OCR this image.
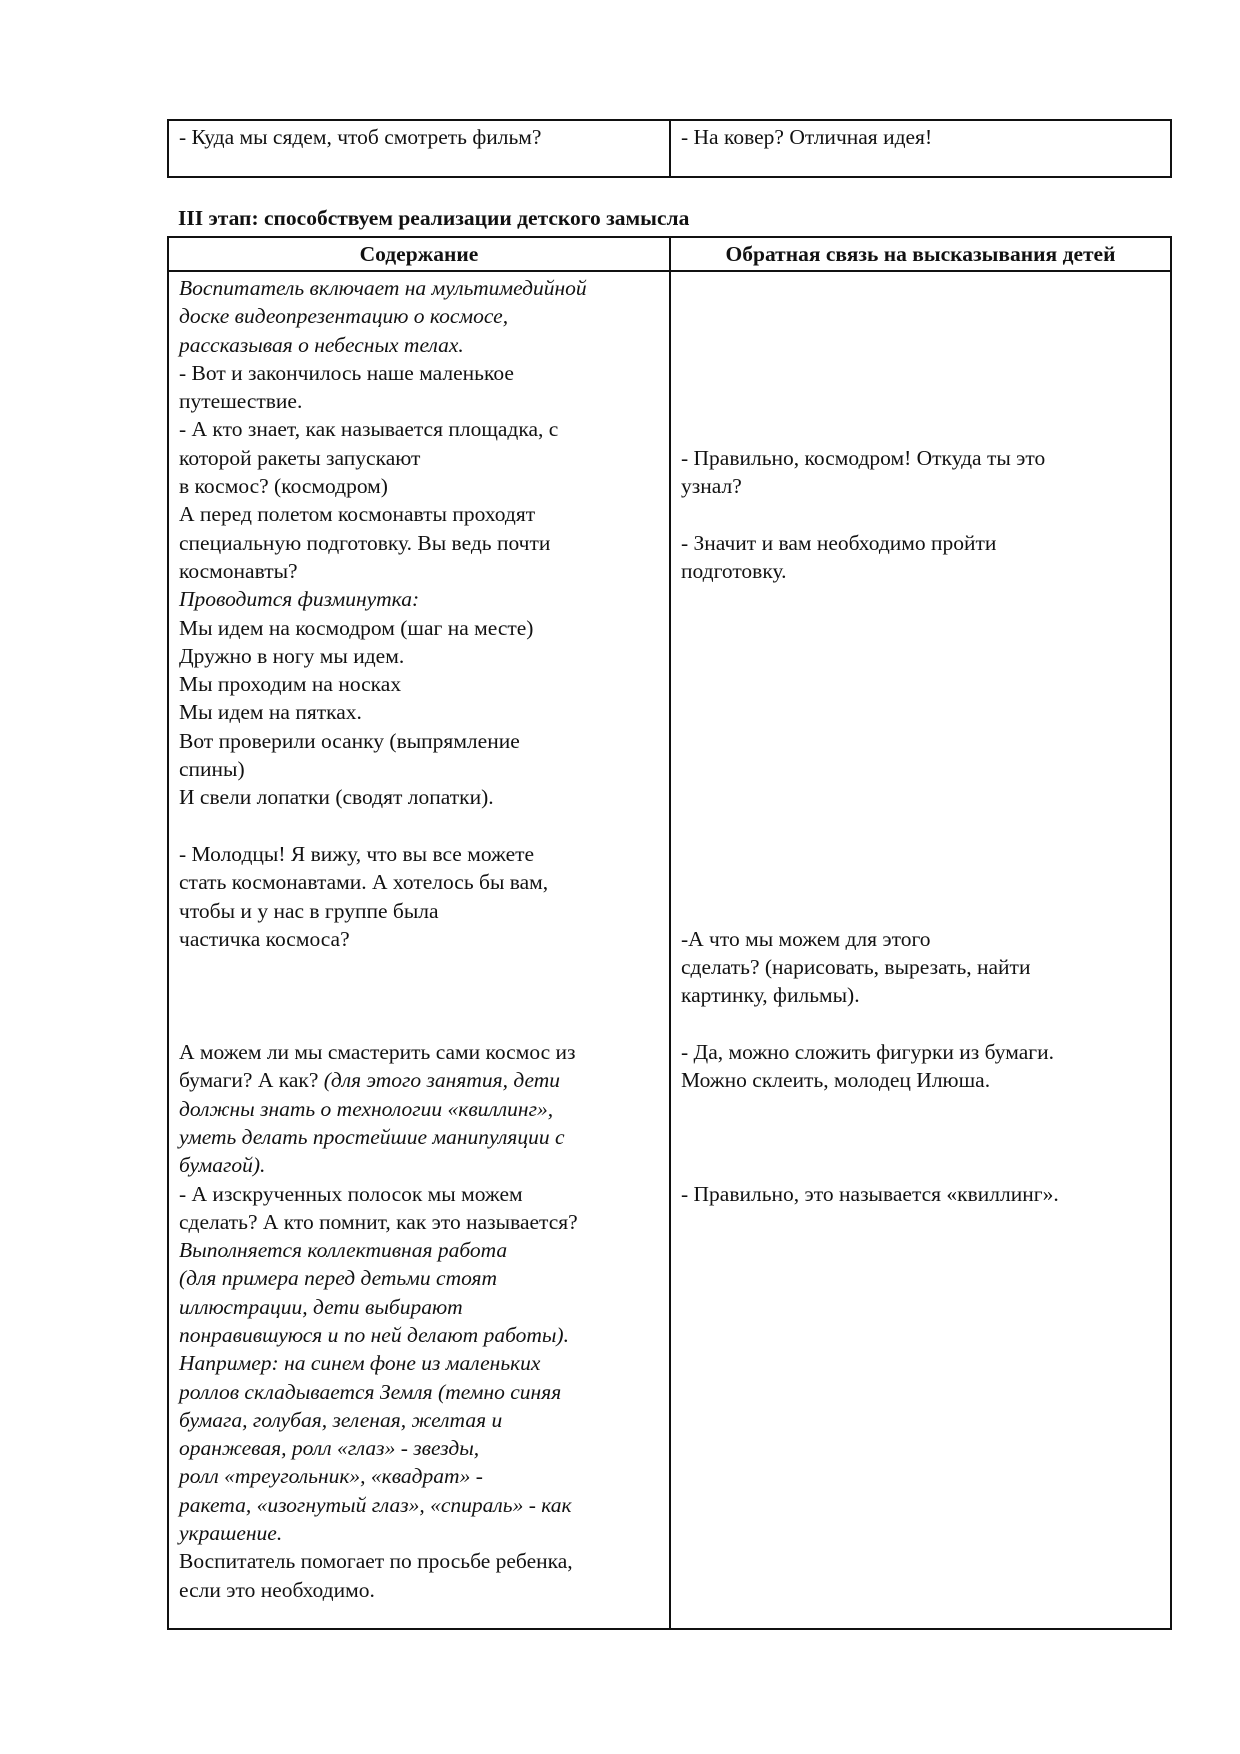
- Куда мы сядем, чтоб смотреть фильм?	- На ковер? Отличная идея!
III этап: способствуем реализации детского замысла
Содержание	Обратная связь на высказывания детей
Воспитатель включает на мультимедийной
доске видеопрезентацию о космосе,
рассказывая о небесных телах.
- Вот и закончилось наше маленькое
путешествие.
- А кто знает, как называется площадка, с
которой ракеты запускают
в космос? (космодром)
А перед полетом космонавты проходят
специальную подготовку. Вы ведь почти
космонавты?
Проводится физминутка:
Мы идем на космодром (шаг на месте)
Дружно в ногу мы идем.
Мы проходим на носках
Мы идем на пятках.
Вот проверили осанку (выпрямление
спины)
И свели лопатки (сводят лопатки).
- Молодцы! Я вижу, что вы все можете
стать космонавтами. А хотелось бы вам,
чтобы и у нас в группе была
частичка космоса?
А можем ли мы смастерить сами космос из
бумаги? А как? (для этого занятия, дети
должны знать о технологии «квиллинг»,
уметь делать простейшие манипуляции с
бумагой).
- А изскрученных полосок мы можем
сделать? А кто помнит, как это называется?
Выполняется коллективная работа
(для примера перед детьми стоят
иллюстрации, дети выбирают
понравившуюся и по ней делают работы).
Например: на синем фоне из маленьких
роллов складывается Земля (темно синяя
бумага, голубая, зеленая, желтая и
оранжевая, ролл «глаз» - звезды,
ролл «треугольник», «квадрат» -
ракета, «изогнутый глаз», «спираль» - как
украшение.
Воспитатель помогает по просьбе ребенка,
если это необходимо.
- Правильно, космодром! Откуда ты это
узнал?
- Значит и вам необходимо пройти
подготовку.
-А что мы можем для этого
сделать? (нарисовать, вырезать, найти
картинку, фильмы).
- Да, можно сложить фигурки из бумаги.
Можно склеить, молодец Илюша.
- Правильно, это называется «квиллинг».
